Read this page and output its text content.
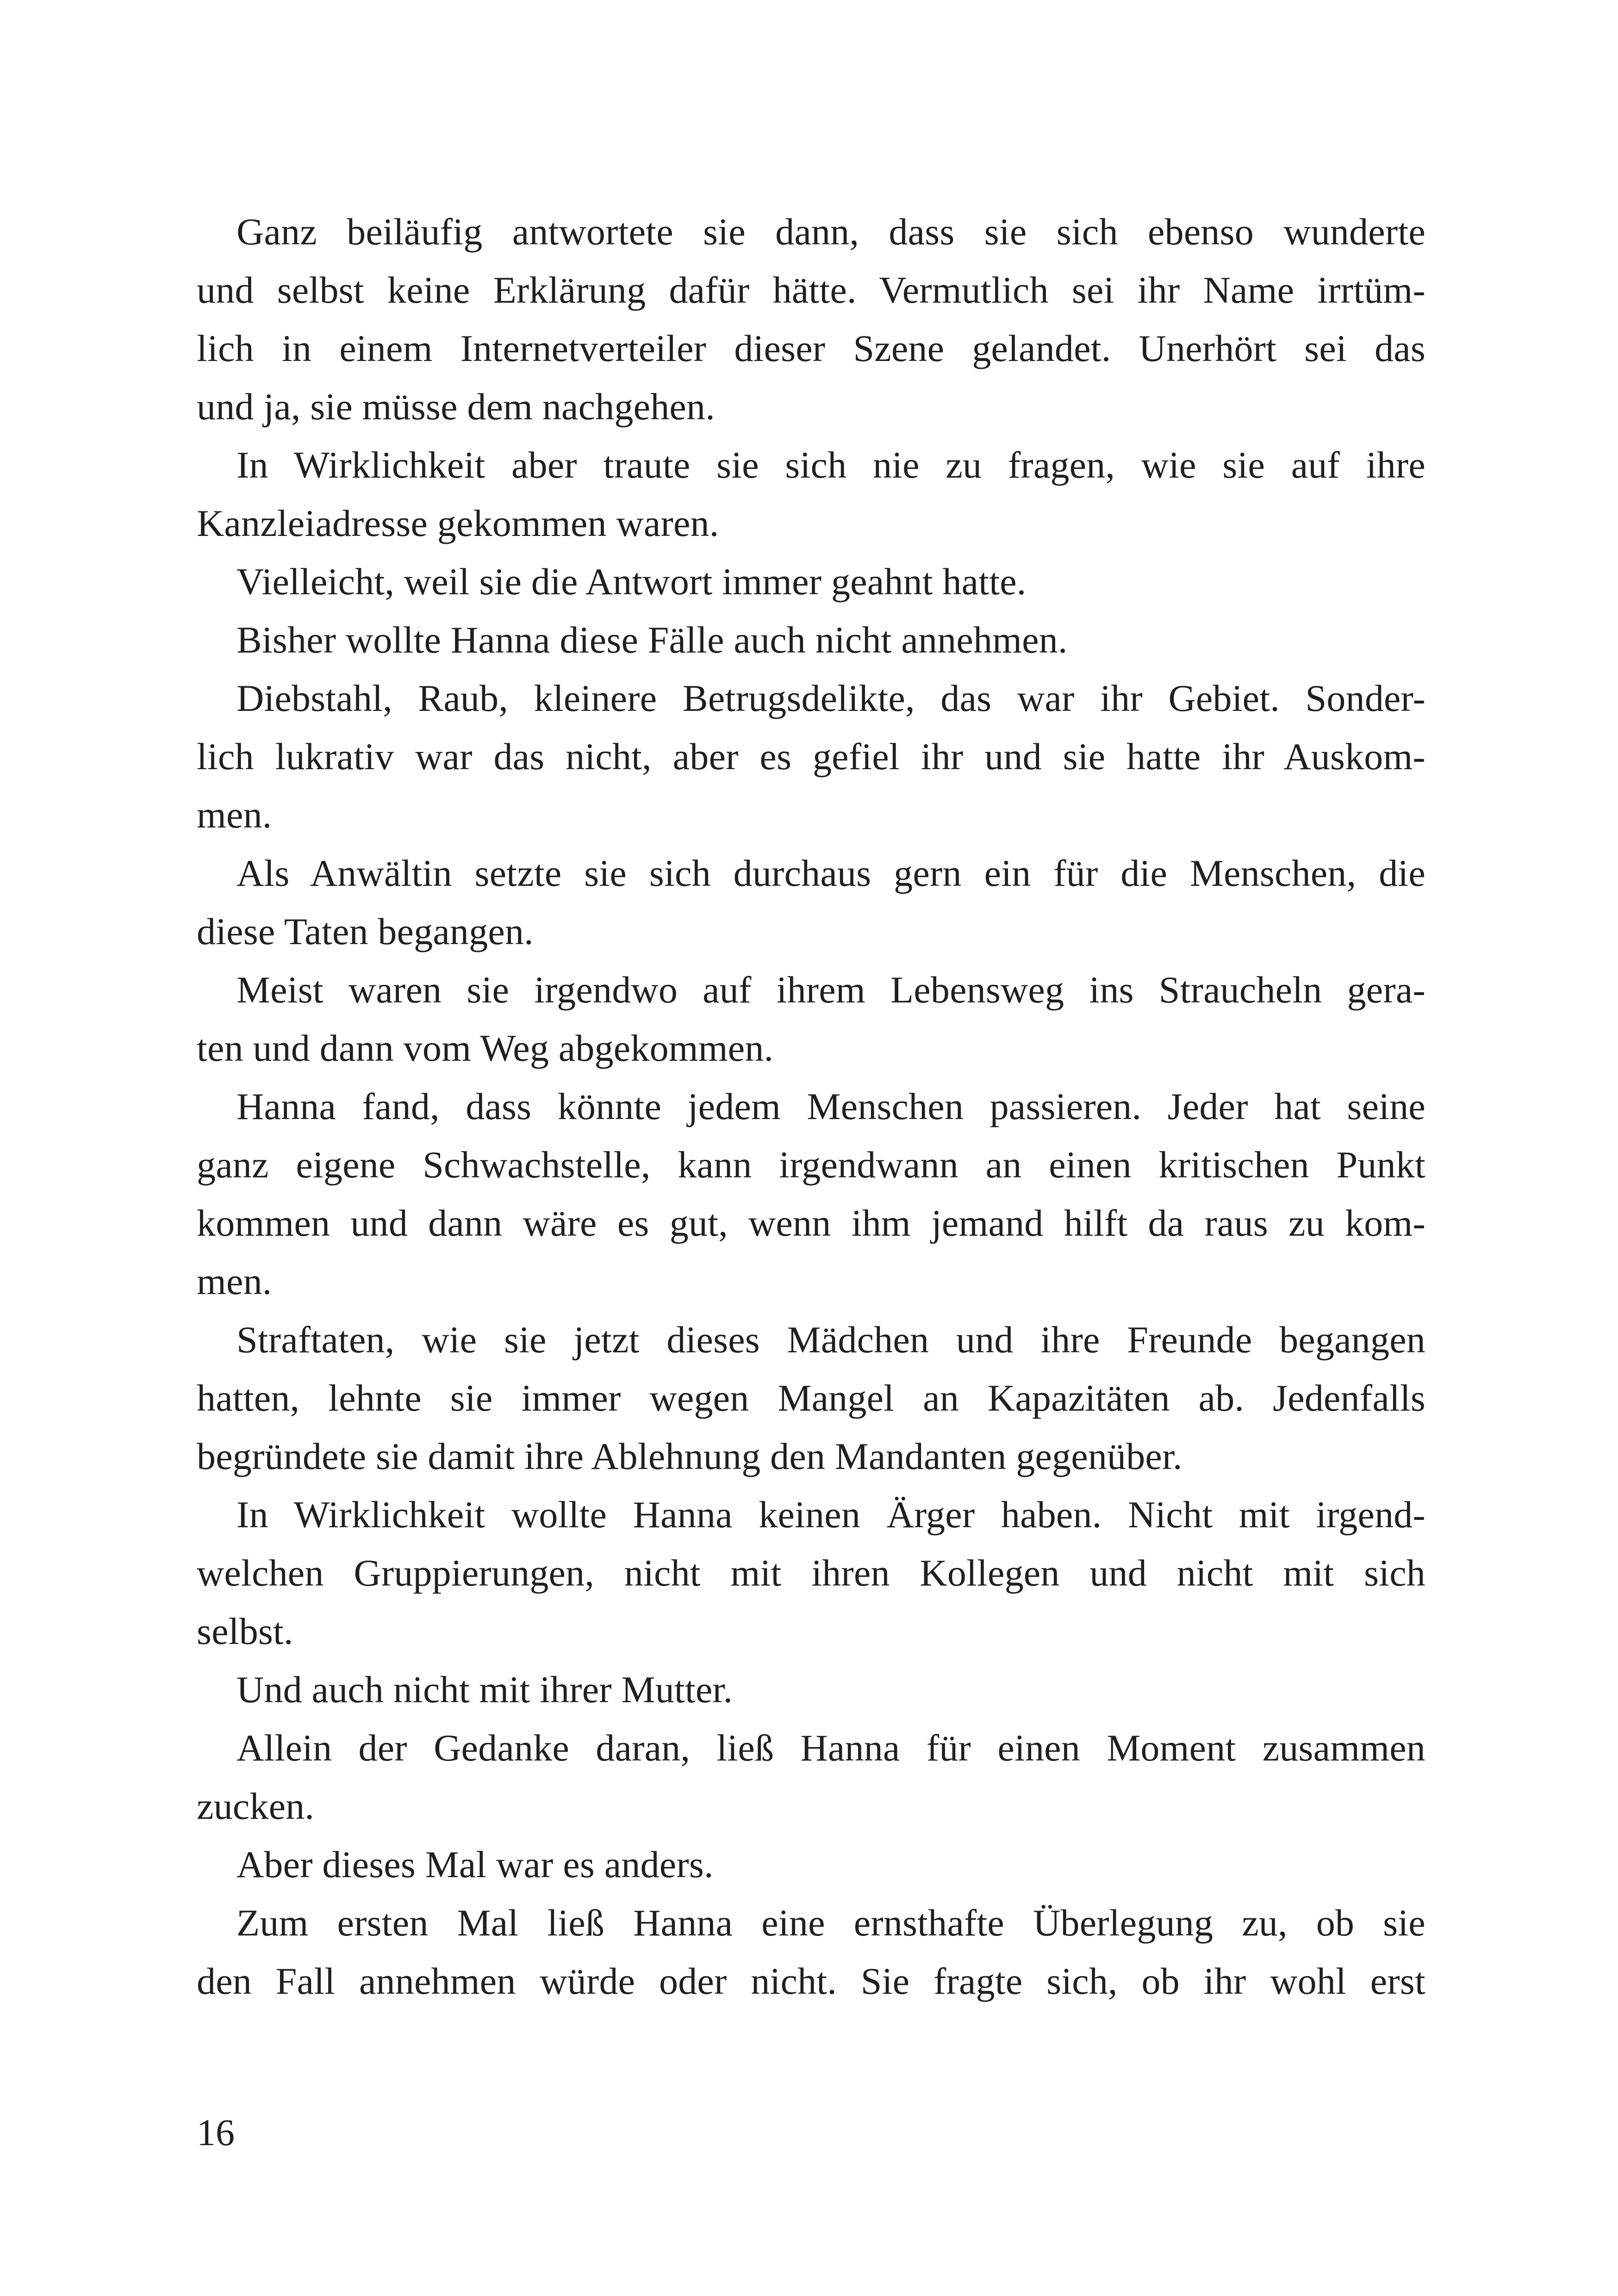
Ganz beiläufig antwortete sie dann, dass sie sich ebenso wunderte
und selbst keine Erklärung dafür hätte. Vermutlich sei ihr Name irrtüm-
lich in einem Internetverteiler dieser Szene gelandet. Unerhört sei das
und ja, sie müsse dem nachgehen.
In Wirklichkeit aber traute sie sich nie zu fragen, wie sie auf ihre
Kanzleiadresse gekommen waren.
Vielleicht, weil sie die Antwort immer geahnt hatte.
Bisher wollte Hanna diese Fälle auch nicht annehmen.
Diebstahl, Raub, kleinere Betrugsdelikte, das war ihr Gebiet. Sonder-
lich lukrativ war das nicht, aber es gefiel ihr und sie hatte ihr Auskom-
men.
Als Anwältin setzte sie sich durchaus gern ein für die Menschen, die
diese Taten begangen.
Meist waren sie irgendwo auf ihrem Lebensweg ins Straucheln gera-
ten und dann vom Weg abgekommen.
Hanna fand, dass könnte jedem Menschen passieren. Jeder hat seine
ganz eigene Schwachstelle, kann irgendwann an einen kritischen Punkt
kommen und dann wäre es gut, wenn ihm jemand hilft da raus zu kom-
men.
Straftaten, wie sie jetzt dieses Mädchen und ihre Freunde begangen
hatten, lehnte sie immer wegen Mangel an Kapazitäten ab. Jedenfalls
begründete sie damit ihre Ablehnung den Mandanten gegenüber.
In Wirklichkeit wollte Hanna keinen Ärger haben. Nicht mit irgend-
welchen Gruppierungen, nicht mit ihren Kollegen und nicht mit sich
selbst.
Und auch nicht mit ihrer Mutter.
Allein der Gedanke daran, ließ Hanna für einen Moment zusammen
zucken.
Aber dieses Mal war es anders.
Zum ersten Mal ließ Hanna eine ernsthafte Überlegung zu, ob sie
den Fall annehmen würde oder nicht. Sie fragte sich, ob ihr wohl erst
16
